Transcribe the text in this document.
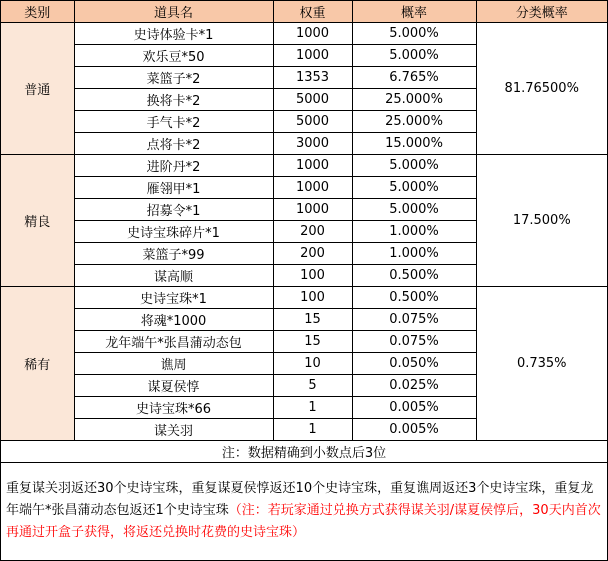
类别	道具名	权重	概率	分类概率
普通	史诗体验卡*1	1000	5.000%	81.76500%
	欢乐豆*50	1000	5.000%	
	菜篮子*2	1353	6.765%	
	换将卡*2	5000	25.000%	
	手气卡*2	5000	25.000%	
	点将卡*2	3000	15.000%	
精良	进阶丹*2	1000	5.000%	17.500%
	雁翎甲*1	1000	5.000%	
	招募令*1	1000	5.000%	
	史诗宝珠碎片*1	200	1.000%	
	菜篮子*99	200	1.000%	
	谋高顺	100	0.500%	
稀有	史诗宝珠*1	100	0.500%	0.735%
	将魂*1000	15	0.075%	
	龙年端午*张昌蒲动态包	15	0.075%	
	谯周	10	0.050%	
	谋夏侯惇	5	0.025%	
	史诗宝珠*66	1	0.005%	
	谋关羽	1	0.005%	
注：数据精确到小数点后3位				
重复谋关羽返还30个史诗宝珠，重复谋夏侯惇返还10个史诗宝珠，重复谯周返还3个史诗宝珠，重复龙年端午*张昌蒲动态包返还1个史诗宝珠（注：若玩家通过兑换方式获得谋关羽/谋夏侯惇后，30天内首次再通过开盒子获得，将返还兑换时花费的史诗宝珠）
